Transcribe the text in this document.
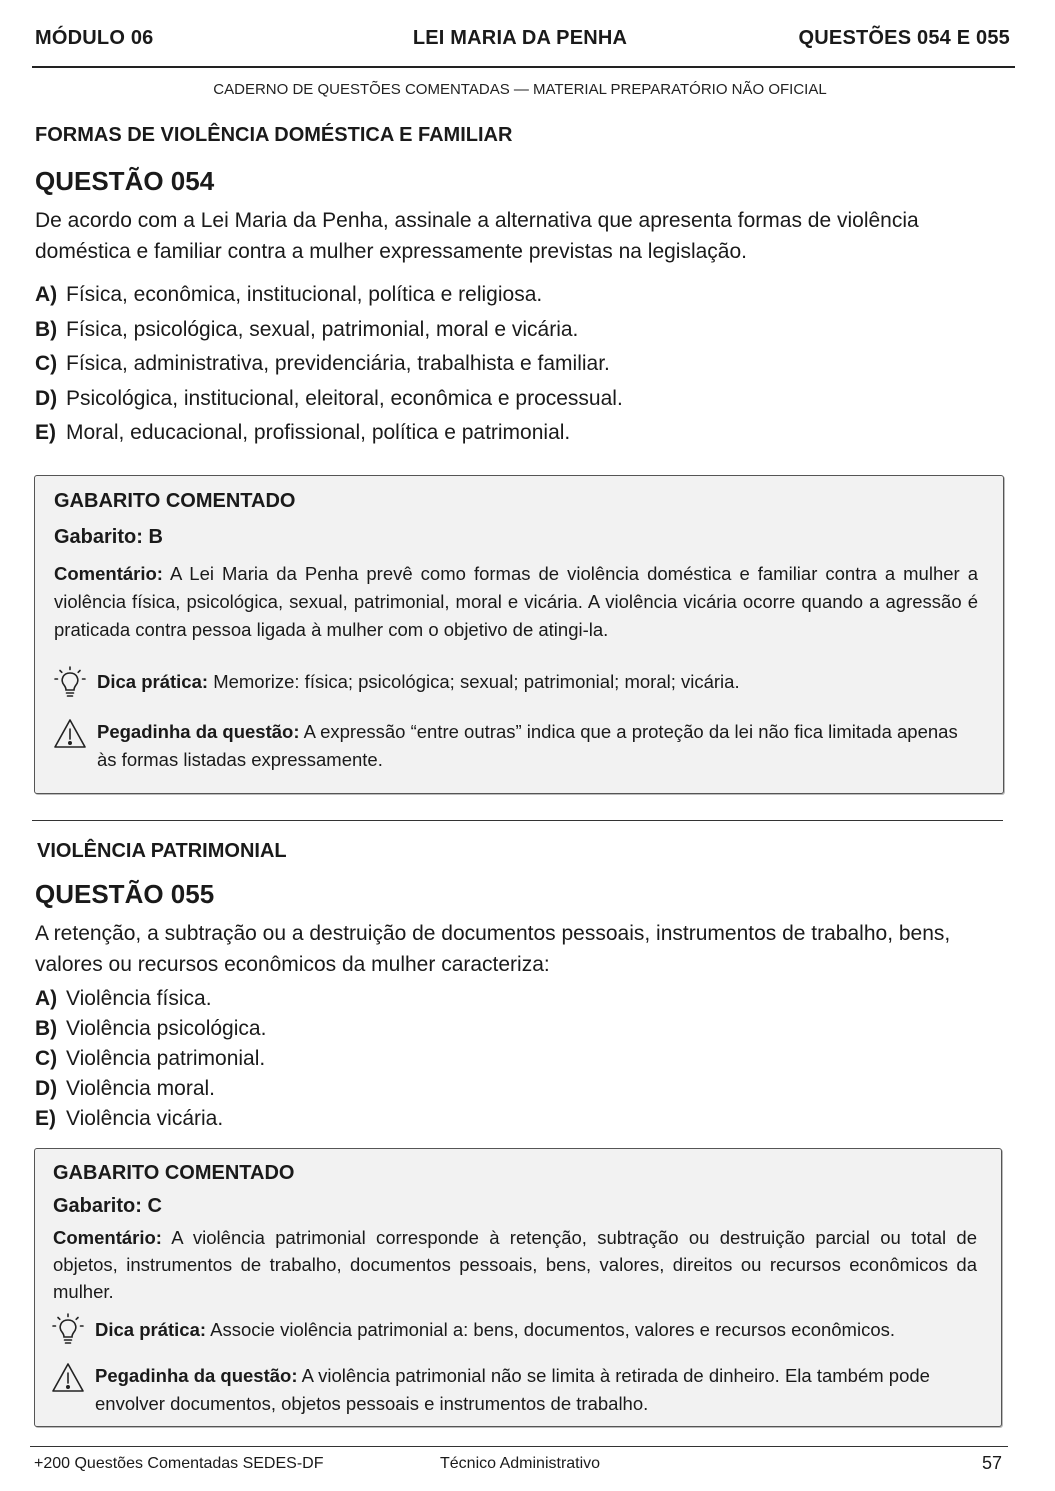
MÓDULO 06	LEI MARIA DA PENHA	QUESTÕES 054 E 055
CADERNO DE QUESTÕES COMENTADAS — MATERIAL PREPARATÓRIO NÃO OFICIAL
FORMAS DE VIOLÊNCIA DOMÉSTICA E FAMILIAR
QUESTÃO 054
De acordo com a Lei Maria da Penha, assinale a alternativa que apresenta formas de violência doméstica e familiar contra a mulher expressamente previstas na legislação.
A) Física, econômica, institucional, política e religiosa.
B) Física, psicológica, sexual, patrimonial, moral e vicária.
C) Física, administrativa, previdenciária, trabalhista e familiar.
D) Psicológica, institucional, eleitoral, econômica e processual.
E) Moral, educacional, profissional, política e patrimonial.
GABARITO COMENTADO
Gabarito: B
Comentário: A Lei Maria da Penha prevê como formas de violência doméstica e familiar contra a mulher a violência física, psicológica, sexual, patrimonial, moral e vicária. A violência vicária ocorre quando a agressão é praticada contra pessoa ligada à mulher com o objetivo de atingi-la.
Dica prática: Memorize: física; psicológica; sexual; patrimonial; moral; vicária.
Pegadinha da questão: A expressão “entre outras” indica que a proteção da lei não fica limitada apenas às formas listadas expressamente.
VIOLÊNCIA PATRIMONIAL
QUESTÃO 055
A retenção, a subtração ou a destruição de documentos pessoais, instrumentos de trabalho, bens, valores ou recursos econômicos da mulher caracteriza:
A) Violência física.
B) Violência psicológica.
C) Violência patrimonial.
D) Violência moral.
E) Violência vicária.
GABARITO COMENTADO
Gabarito: C
Comentário: A violência patrimonial corresponde à retenção, subtração ou destruição parcial ou total de objetos, instrumentos de trabalho, documentos pessoais, bens, valores, direitos ou recursos econômicos da mulher.
Dica prática: Associe violência patrimonial a: bens, documentos, valores e recursos econômicos.
Pegadinha da questão: A violência patrimonial não se limita à retirada de dinheiro. Ela também pode envolver documentos, objetos pessoais e instrumentos de trabalho.
+200 Questões Comentadas SEDES-DF	Técnico Administrativo	57
